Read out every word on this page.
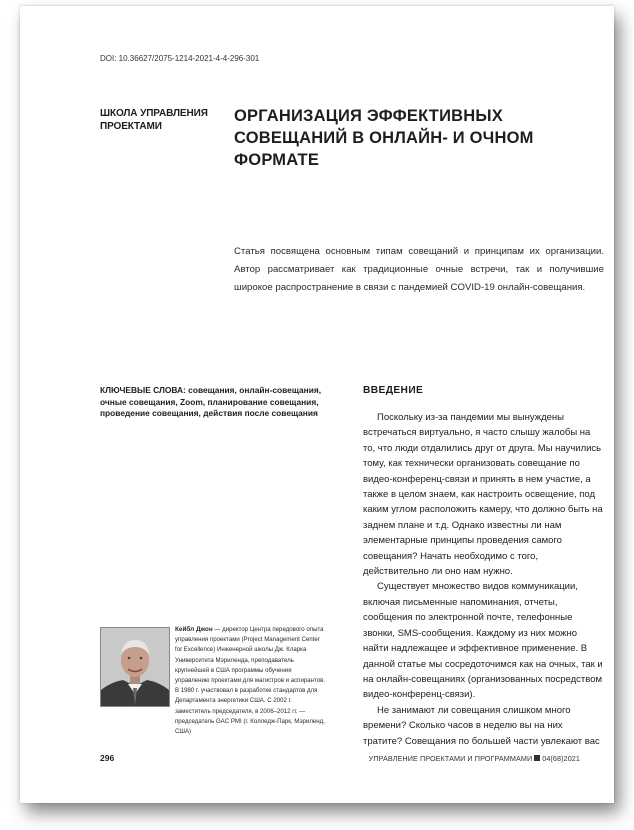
DOI: 10.36627/2075-1214-2021-4-4-296-301
ШКОЛА УПРАВЛЕНИЯ ПРОЕКТАМИ
ОРГАНИЗАЦИЯ ЭФФЕКТИВНЫХ СОВЕЩАНИЙ В ОНЛАЙН- И ОЧНОМ ФОРМАТЕ
Статья посвящена основным типам совещаний и принципам их организации. Автор рассматривает как традиционные очные встречи, так и получившие широкое распространение в связи с пандемией COVID-19 онлайн-совещания.
КЛЮЧЕВЫЕ СЛОВА: совещания, онлайн-совещания, очные совещания, Zoom, планирование совещания, проведение совещания, действия после совещания
ВВЕДЕНИЕ

Поскольку из-за пандемии мы вынуждены встречаться виртуально, я часто слышу жалобы на то, что люди отдалились друг от друга. Мы научились тому, как технически организовать совещание по видео-конференц-связи и принять в нем участие, а также в целом знаем, как настроить освещение, под каким углом расположить камеру, что должно быть на заднем плане и т.д. Однако известны ли нам элементарные принципы проведения самого совещания? Начать необходимо с того, действительно ли оно нам нужно.

Существует множество видов коммуникации, включая письменные напоминания, отчеты, сообщения по электронной почте, телефонные звонки, SMS-сообщения. Каждому из них можно найти надлежащее и эффективное применение. В данной статье мы сосредоточимся как на очных, так и на онлайн-совещаниях (организованных посредством видео-конференц-связи).

Не занимают ли совещания слишком много времени? Сколько часов в неделю вы на них тратите? Совещания по большей части увлекают вас

Кейбл Джон — директор Центра передового опыта управления проектами (Project Management Center for Excellence) Инженерной школы Дж. Кларка Университета Мэриленда, преподаватель крупнейшей в США программы обучения управлению проектами для магистров и аспирантов. В 1980 г. участвовал в разработке стандартов для Департамента энергетики США. С 2002 г. заместитель председателя, в 2006–2012 гг. — председатель GAC PMI (г. Колледж-Парк, Мэриленд, США)
296	УПРАВЛЕНИЕ ПРОЕКТАМИ И ПРОГРАММАМИ 04(68)2021
